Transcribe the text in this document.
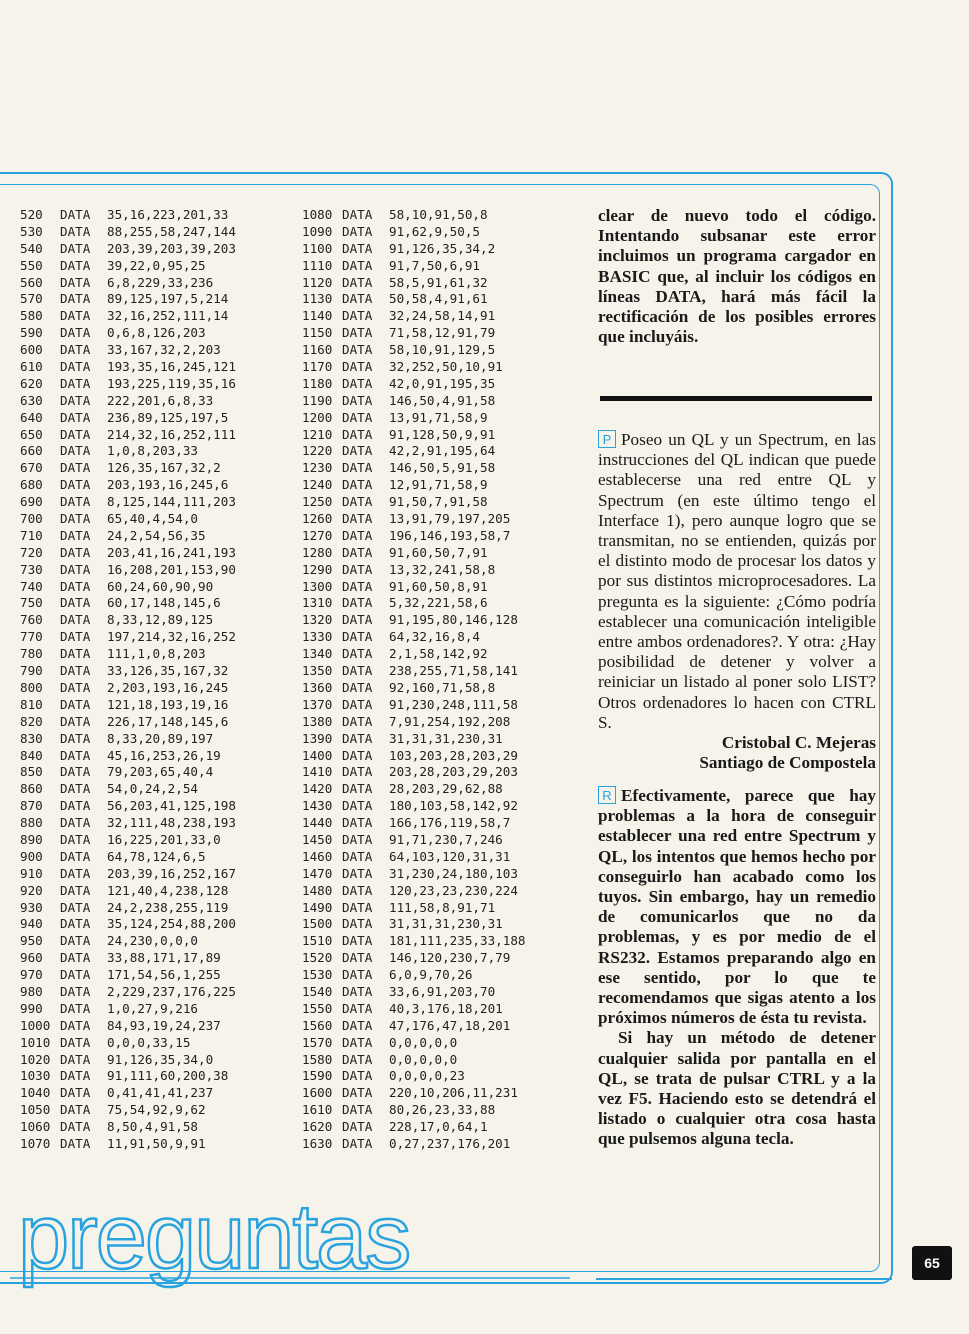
520 DATA 35,16,223,201,33
530 DATA 88,255,58,247,144
540 DATA 203,39,203,39,203
550 DATA 39,22,0,95,25
560 DATA 6,8,229,33,236
570 DATA 89,125,197,5,214
580 DATA 32,16,252,111,14
590 DATA 0,6,8,126,203
600 DATA 33,167,32,2,203
610 DATA 193,35,16,245,121
620 DATA 193,225,119,35,16
630 DATA 222,201,6,8,33
640 DATA 236,89,125,197,5
650 DATA 214,32,16,252,111
660 DATA 1,0,8,203,33
670 DATA 126,35,167,32,2
680 DATA 203,193,16,245,6
690 DATA 8,125,144,111,203
700 DATA 65,40,4,54,0
710 DATA 24,2,54,56,35
720 DATA 203,41,16,241,193
730 DATA 16,208,201,153,90
740 DATA 60,24,60,90,90
750 DATA 60,17,148,145,6
760 DATA 8,33,12,89,125
770 DATA 197,214,32,16,252
780 DATA 111,1,0,8,203
790 DATA 33,126,35,167,32
800 DATA 2,203,193,16,245
810 DATA 121,18,193,19,16
820 DATA 226,17,148,145,6
830 DATA 8,33,20,89,197
840 DATA 45,16,253,26,19
850 DATA 79,203,65,40,4
860 DATA 54,0,24,2,54
870 DATA 56,203,41,125,198
880 DATA 32,111,48,238,193
890 DATA 16,225,201,33,0
900 DATA 64,78,124,6,5
910 DATA 203,39,16,252,167
920 DATA 121,40,4,238,128
930 DATA 24,2,238,255,119
940 DATA 35,124,254,88,200
950 DATA 24,230,0,0,0
960 DATA 33,88,171,17,89
970 DATA 171,54,56,1,255
980 DATA 2,229,237,176,225
990 DATA 1,0,27,9,216
1000 DATA 84,93,19,24,237
1010 DATA 0,0,0,33,15
1020 DATA 91,126,35,34,0
1030 DATA 91,111,60,200,38
1040 DATA 0,41,41,41,237
1050 DATA 75,54,92,9,62
1060 DATA 8,50,4,91,58
1070 DATA 11,91,50,9,91
1080 DATA 58,10,91,50,8
1090 DATA 91,62,9,50,5
1100 DATA 91,126,35,34,2
1110 DATA 91,7,50,6,91
1120 DATA 58,5,91,61,32
1130 DATA 50,58,4,91,61
1140 DATA 32,24,58,14,91
1150 DATA 71,58,12,91,79
1160 DATA 58,10,91,129,5
1170 DATA 32,252,50,10,91
1180 DATA 42,0,91,195,35
1190 DATA 146,50,4,91,58
1200 DATA 13,91,71,58,9
1210 DATA 91,128,50,9,91
1220 DATA 42,2,91,195,64
1230 DATA 146,50,5,91,58
1240 DATA 12,91,71,58,9
1250 DATA 91,50,7,91,58
1260 DATA 13,91,79,197,205
1270 DATA 196,146,193,58,7
1280 DATA 91,60,50,7,91
1290 DATA 13,32,241,58,8
1300 DATA 91,60,50,8,91
1310 DATA 5,32,221,58,6
1320 DATA 91,195,80,146,128
1330 DATA 64,32,16,8,4
1340 DATA 2,1,58,142,92
1350 DATA 238,255,71,58,141
1360 DATA 92,160,71,58,8
1370 DATA 91,230,248,111,58
1380 DATA 7,91,254,192,208
1390 DATA 31,31,31,230,31
1400 DATA 103,203,28,203,29
1410 DATA 203,28,203,29,203
1420 DATA 28,203,29,62,88
1430 DATA 180,103,58,142,92
1440 DATA 166,176,119,58,7
1450 DATA 91,71,230,7,246
1460 DATA 64,103,120,31,31
1470 DATA 31,230,24,180,103
1480 DATA 120,23,23,230,224
1490 DATA 111,58,8,91,71
1500 DATA 31,31,31,230,31
1510 DATA 181,111,235,33,188
1520 DATA 146,120,230,7,79
1530 DATA 6,0,9,70,26
1540 DATA 33,6,91,203,70
1550 DATA 40,3,176,18,201
1560 DATA 47,176,47,18,201
1570 DATA 0,0,0,0,0
1580 DATA 0,0,0,0,0
1590 DATA 0,0,0,0,23
1600 DATA 220,10,206,11,231
1610 DATA 80,26,23,33,88
1620 DATA 228,17,0,64,1
1630 DATA 0,27,237,176,201
clear de nuevo todo el código. Intentando subsanar este error incluimos un programa cargador en BASIC que, al incluir los códigos en líneas DATA, hará más fácil la rectificación de los posibles errores que incluyáis.
P Poseo un QL y un Spectrum, en las instrucciones del QL indican que puede establecerse una red entre QL y Spectrum (en este último tengo el Interface 1), pero aunque logro que se transmitan, no se entienden, quizás por el distinto modo de procesar los datos y por sus distintos microprocesadores. La pregunta es la siguiente: ¿Cómo podría establecer una comunicación inteligible entre ambos ordenadores?. Y otra: ¿Hay posibilidad de detener y volver a reiniciar un listado al poner solo LIST? Otros ordenadores lo hacen con CTRL S.
Cristobal C. Mejeras
Santiago de Compostela
R Efectivamente, parece que hay problemas a la hora de conseguir establecer una red entre Spectrum y QL, los intentos que hemos hecho por conseguirlo han acabado como los tuyos. Sin embargo, hay un remedio de comunicarlos que no da problemas, y es por medio de el RS232. Estamos preparando algo en ese sentido, por lo que te recomendamos que sigas atento a los próximos números de ésta tu revista.
Si hay un método de detener cualquier salida por pantalla en el QL, se trata de pulsar CTRL y a la vez F5. Haciendo esto se detendrá el listado o cualquier otra cosa hasta que pulsemos alguna tecla.
preguntas	65
